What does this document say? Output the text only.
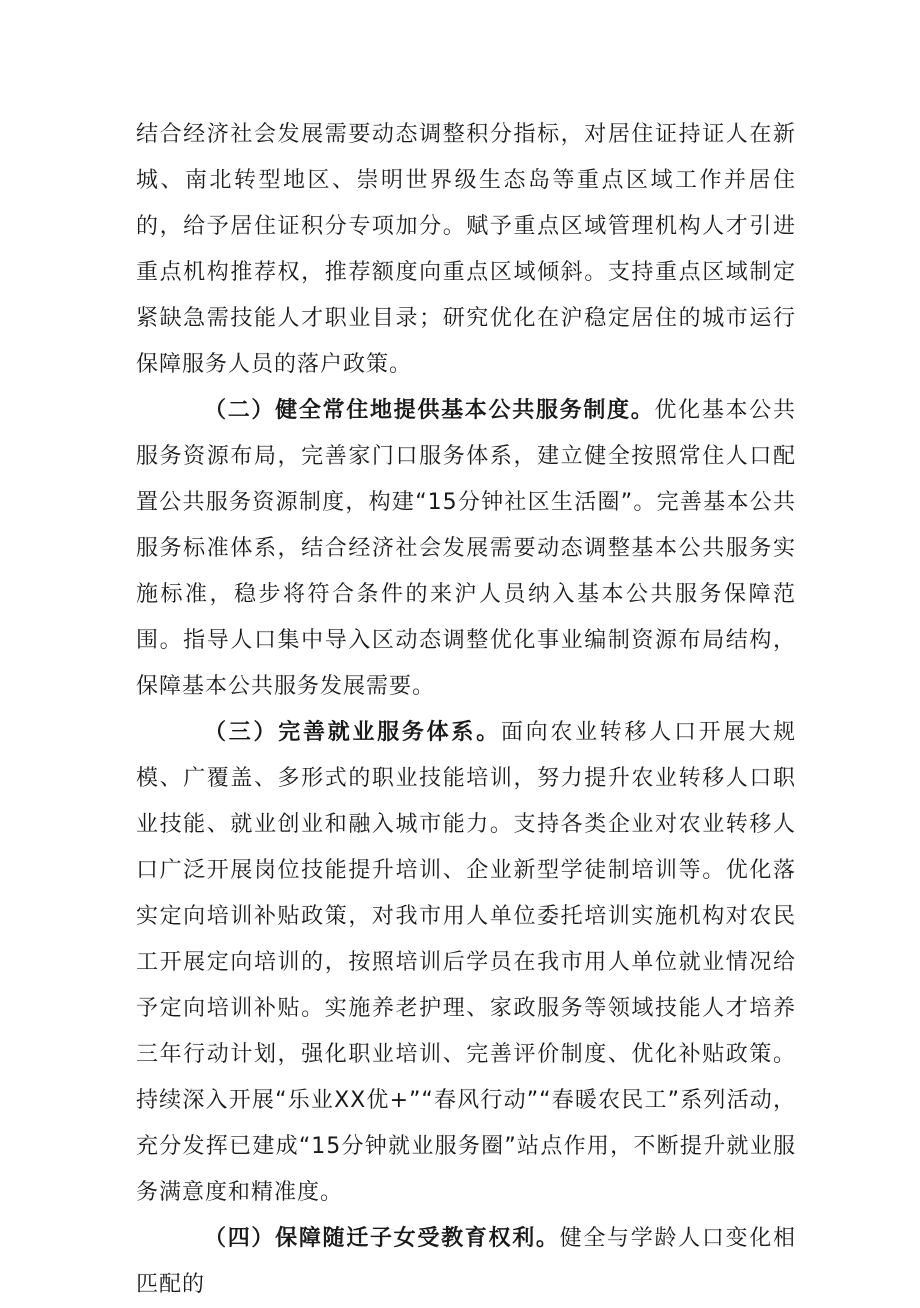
结合经济社会发展需要动态调整积分指标，对居住证持证人在新城、南北转型地区、崇明世界级生态岛等重点区域工作并居住的，给予居住证积分专项加分。赋予重点区域管理机构人才引进重点机构推荐权，推荐额度向重点区域倾斜。支持重点区域制定紧缺急需技能人才职业目录；研究优化在沪稳定居住的城市运行保障服务人员的落户政策。

（二）健全常住地提供基本公共服务制度。优化基本公共服务资源布局，完善家门口服务体系，建立健全按照常住人口配置公共服务资源制度，构建“15分钟社区生活圈”。完善基本公共服务标准体系，结合经济社会发展需要动态调整基本公共服务实施标准，稳步将符合条件的来沪人员纳入基本公共服务保障范围。指导人口集中导入区动态调整优化事业编制资源布局结构，保障基本公共服务发展需要。

（三）完善就业服务体系。面向农业转移人口开展大规模、广覆盖、多形式的职业技能培训，努力提升农业转移人口职业技能、就业创业和融入城市能力。支持各类企业对农业转移人口广泛开展岗位技能提升培训、企业新型学徒制培训等。优化落实定向培训补贴政策，对我市用人单位委托培训实施机构对农民工开展定向培训的，按照培训后学员在我市用人单位就业情况给予定向培训补贴。实施养老护理、家政服务等领域技能人才培养三年行动计划，强化职业培训、完善评价制度、优化补贴政策。持续深入开展“乐业XX优+”“春风行动”“春暖农民工”系列活动，充分发挥已建成“15分钟就业服务圈”站点作用，不断提升就业服务满意度和精准度。

（四）保障随迁子女受教育权利。健全与学龄人口变化相匹配的
